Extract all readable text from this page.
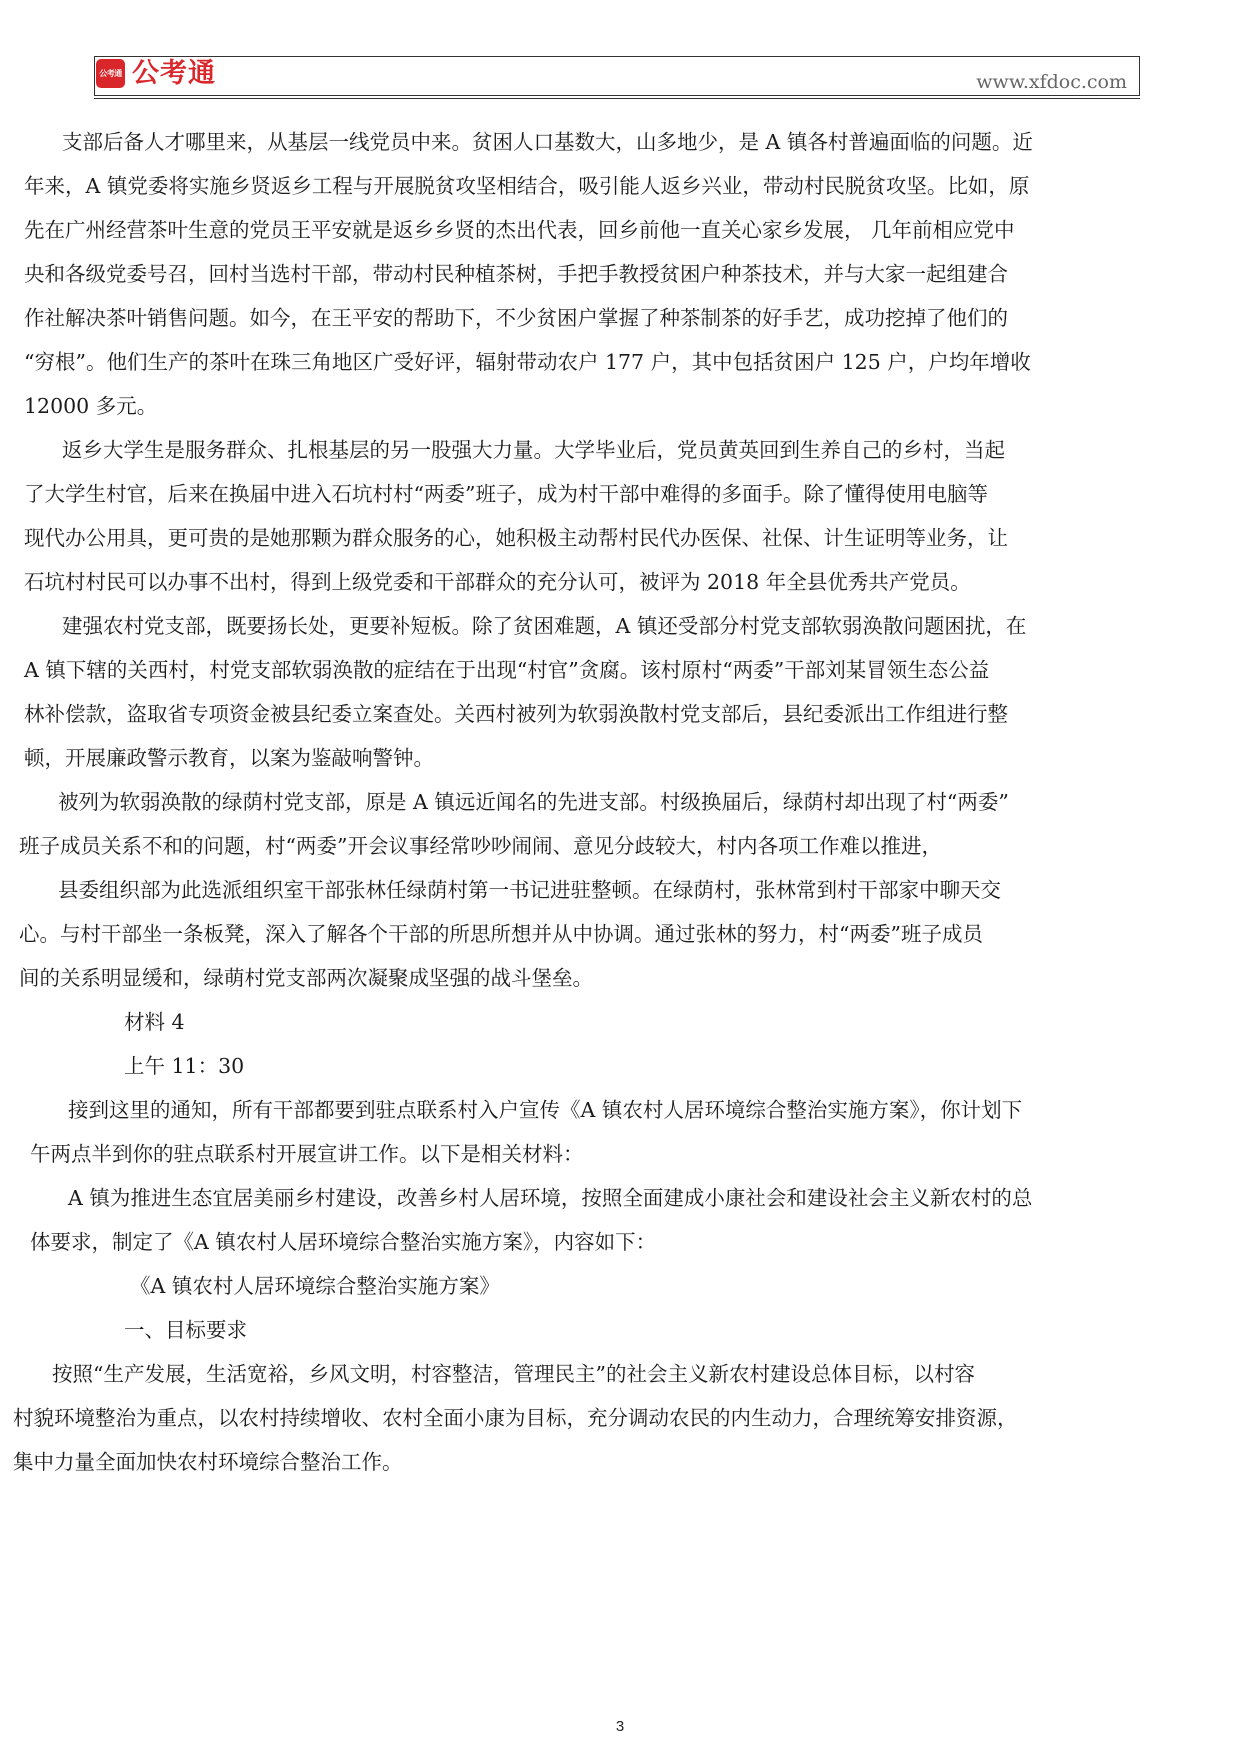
公考通 公考通	www.xfdoc.com
支部后备人才哪里来，从基层一线党员中来。贫困人口基数大，山多地少，是 A 镇各村普遍面临的问题。近
年来，A 镇党委将实施乡贤返乡工程与开展脱贫攻坚相结合，吸引能人返乡兴业，带动村民脱贫攻坚。比如，原
先在广州经营茶叶生意的党员王平安就是返乡乡贤的杰出代表，回乡前他一直关心家乡发展， 几年前相应党中
央和各级党委号召，回村当选村干部，带动村民种植茶树，手把手教授贫困户种茶技术，并与大家一起组建合
作社解决茶叶销售问题。如今，在王平安的帮助下，不少贫困户掌握了种茶制茶的好手艺，成功挖掉了他们的
“穷根”。他们生产的茶叶在珠三角地区广受好评，辐射带动农户 177 户，其中包括贫困户 125 户，户均年增收
12000 多元。
返乡大学生是服务群众、扎根基层的另一股强大力量。大学毕业后，党员黄英回到生养自己的乡村，当起
了大学生村官，后来在换届中进入石坑村村“两委”班子，成为村干部中难得的多面手。除了懂得使用电脑等
现代办公用具，更可贵的是她那颗为群众服务的心，她积极主动帮村民代办医保、社保、计生证明等业务，让
石坑村村民可以办事不出村，得到上级党委和干部群众的充分认可，被评为 2018 年全县优秀共产党员。
建强农村党支部，既要扬长处，更要补短板。除了贫困难题，A 镇还受部分村党支部软弱涣散问题困扰，在
A 镇下辖的关西村，村党支部软弱涣散的症结在于出现“村官”贪腐。该村原村“两委”干部刘某冒领生态公益
林补偿款，盗取省专项资金被县纪委立案查处。关西村被列为软弱涣散村党支部后，县纪委派出工作组进行整
顿，开展廉政警示教育，以案为鉴敲响警钟。
被列为软弱涣散的绿荫村党支部，原是 A 镇远近闻名的先进支部。村级换届后，绿荫村却出现了村“两委”
班子成员关系不和的问题，村“两委”开会议事经常吵吵闹闹、意见分歧较大，村内各项工作难以推进，
县委组织部为此选派组织室干部张林任绿荫村第一书记进驻整顿。在绿荫村，张林常到村干部家中聊天交
心。与村干部坐一条板凳，深入了解各个干部的所思所想并从中协调。通过张林的努力，村“两委”班子成员
间的关系明显缓和，绿萌村党支部两次凝聚成坚强的战斗堡垒。
材料 4
上午 11：30
接到这里的通知，所有干部都要到驻点联系村入户宣传《A 镇农村人居环境综合整治实施方案》，你计划下
午两点半到你的驻点联系村开展宣讲工作。以下是相关材料：
A 镇为推进生态宜居美丽乡村建设，改善乡村人居环境，按照全面建成小康社会和建设社会主义新农村的总
体要求，制定了《A 镇农村人居环境综合整治实施方案》，内容如下：
《A 镇农村人居环境综合整治实施方案》
一、目标要求
按照“生产发展，生活宽裕，乡风文明，村容整洁，管理民主”的社会主义新农村建设总体目标，以村容
村貌环境整治为重点，以农村持续增收、农村全面小康为目标，充分调动农民的内生动力，合理统筹安排资源，
集中力量全面加快农村环境综合整治工作。
3
